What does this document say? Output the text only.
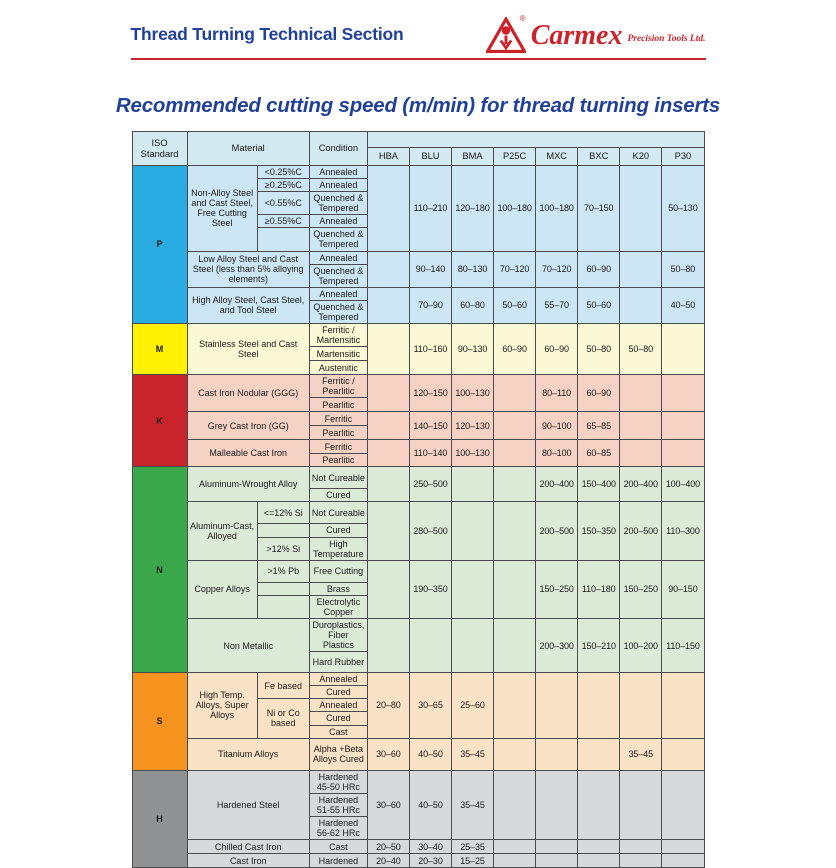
Thread Turning Technical Section
®
Carmex Precision Tools Ltd.
Recommended cutting speed (m/min) for thread turning inserts
ISO Standard	Material		Condition								
				HBA	BLU	BMA	P25C	MXC	BXC	K20	P30
P	Non-Alloy Steel and Cast Steel, Free Cutting Steel	<0.25%C	Annealed		110–210	120–180	100–180	100–180	70–150		50–130
		≥0.25%C	Annealed								
		<0.55%C	Quenched & Tempered								
		≥0.55%C	Annealed								
			Quenched & Tempered								
	Low Alloy Steel and Cast Steel (less than 5% alloying elements)		Annealed		90–140	80–130	70–120	70–120	60–90		50–80
			Quenched & Tempered								
	High Alloy Steel, Cast Steel, and Tool Steel		Annealed		70–90	60–80	50–60	55–70	50–60		40–50
			Quenched & Tempered								
M	Stainless Steel and Cast Steel		Ferritic / Martensitic		110–160	90–130	60–90	60–90	50–80	50–80	
			Martensitic								
			Austenitic								
K	Cast Iron Nodular (GGG)		Ferritic / Pearlitic		120–150	100–130		80–110	60–90		
			Pearlitic								
	Grey Cast Iron (GG)		Ferritic		140–150	120–130		90–100	65–85		
			Pearlitic								
	Malleable Cast Iron		Ferritic		110–140	100–130		80–100	60–85		
			Pearlitic								
N	Aluminum-Wrought Alloy		Not Cureable		250–500			200–400	150–400	200–400	100–400
			Cured								
	Aluminum-Cast, Alloyed	<=12% Si	Not Cureable		280–500			200–500	150–350	200–500	110–300
			Cured								
		>12% Si	High Temperature								
	Copper Alloys	>1% Pb	Free Cutting		190–350			150–250	110–180	150–250	90–150
			Brass								
			Electrolytic Copper								
	Non Metallic		Duroplastics, Fiber Plastics					200–300	150–210	100–200	110–150
			Hard Rubber								
S	High Temp. Alloys, Super Alloys	Fe based	Annealed	20–80	30–65	25–60					
			Cured								
		Ni or Co based	Annealed								
			Cured								
			Cast								
	Titanium Alloys		Alpha +Beta Alloys Cured	30–60	40–50	35–45				35–45	
H	Hardened Steel		Hardened 45-50 HRc	30–60	40–50	35–45					
			Hardened 51-55 HRc								
			Hardened 56-62 HRc								
	Chilled Cast Iron		Cast	20–50	30–40	25–35					
	Cast Iron		Hardened	20–40	20–30	15–25					
